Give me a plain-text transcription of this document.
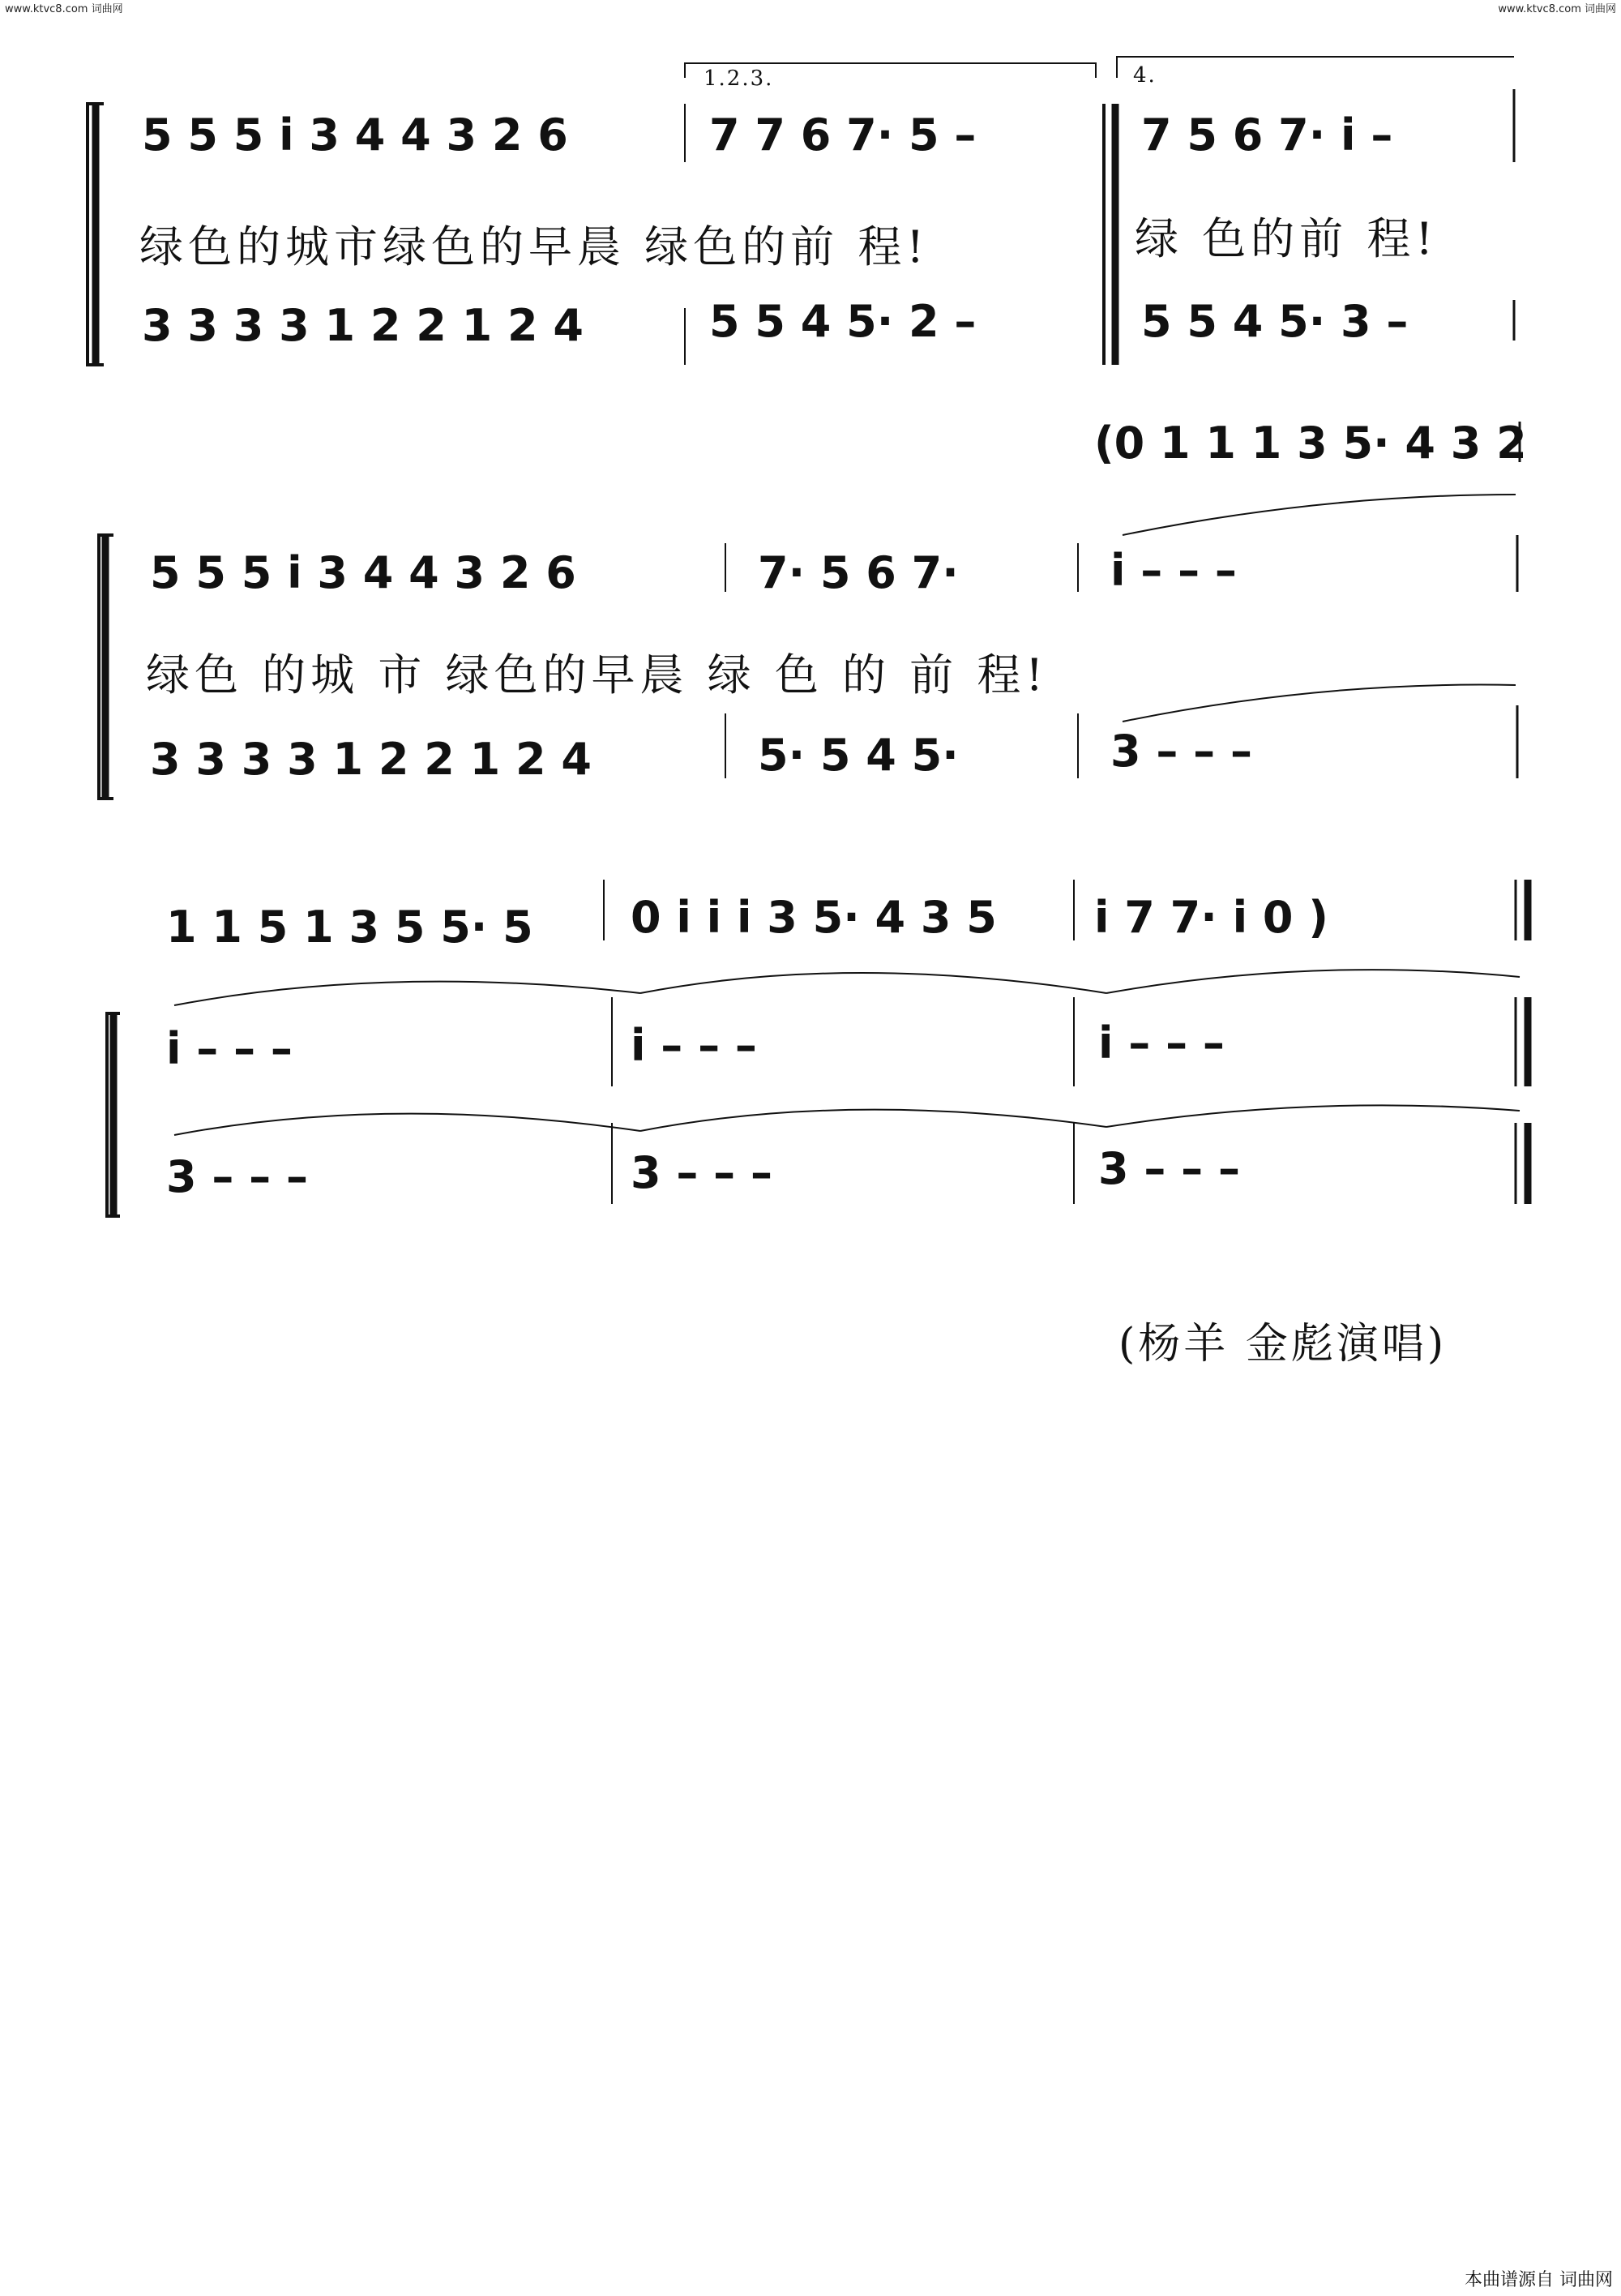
www.ktvc8.com 词曲网	www.ktvc8.com 词曲网
1.2.3.	4.
5 5 5 i 3 4 4 3 2 6	7 7 6 7· 5 –	7 5 6 7· i –
绿色的城市绿色的早晨 绿色的前 程!	绿 色的前 程!
3 3 3 3 1 2 2 1 2 4	5 5 4 5· 2 –	5 5 4 5· 3 –
(0 1 1 1 3 5· 4 3 2
5 5 5 i 3 4 4 3 2 6	7· 5 6 7·	i – – –
绿色 的城 市 绿色的早晨 绿 色 的 前 程!
3 3 3 3 1 2 2 1 2 4	5· 5 4 5·	3 – – –
1 1 5 1 3 5 5· 5 0 i i i 3 5· 4 3 5 i 7 7· i 0 )
i – – –	i – – –	i – – –
3 – – –	3 – – –	3 – – –
(杨羊 金彪演唱)
本曲谱源自 词曲网
